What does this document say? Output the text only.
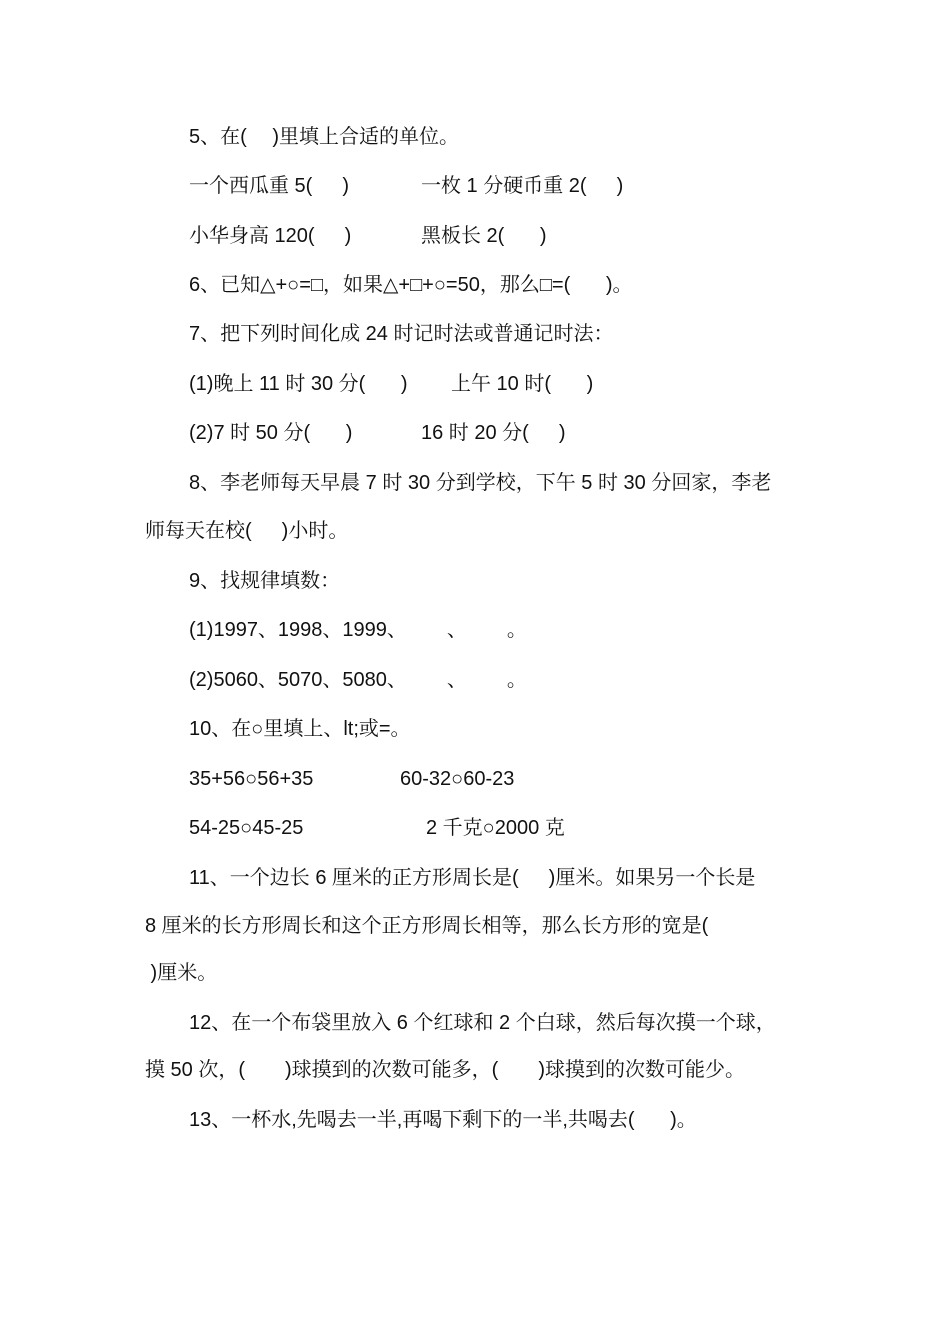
5、在(   )里填上合适的单位。
一个西瓜重 5(   )	一枚 1 分硬币重 2(   )
小华身高 120(   )	黑板长 2(    )
6、已知△+○=□，如果△+□+○=50，那么□=(    )。
7、把下列时间化成 24 时记时法或普通记时法：
(1)晚上 11 时 30 分(    ) 上午 10 时(    )
(2)7 时 50 分(    )	16 时 20 分(   )
8、李老师每天早晨 7 时 30 分到学校，下午 5 时 30 分回家，李老
师每天在校(   )小时。
9、找规律填数：
(1)1997、1998、1999、    、    。
(2)5060、5070、5080、    、    。
10、在○里填上、lt;或=。
35+56○56+35	60-32○60-23
54-25○45-25	2 千克○2000 克
11、一个边长 6 厘米的正方形周长是(   )厘米。如果另一个长是
8 厘米的长方形周长和这个正方形周长相等，那么长方形的宽是(
)厘米。
12、在一个布袋里放入 6 个红球和 2 个白球，然后每次摸一个球，
摸 50 次，(    )球摸到的次数可能多，(    )球摸到的次数可能少。
13、一杯水,先喝去一半,再喝下剩下的一半,共喝去(    )。
